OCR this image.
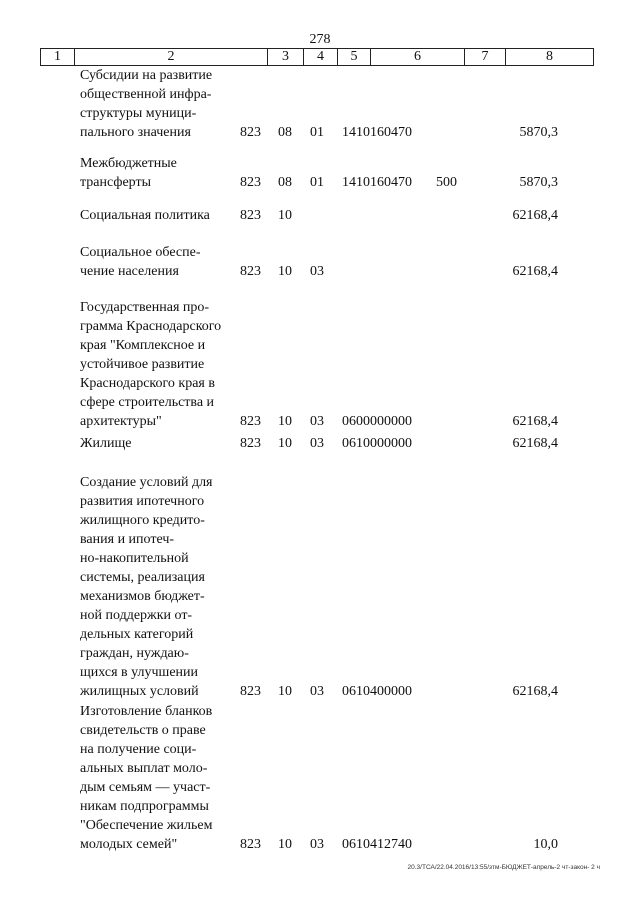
278
1	2	3	4	5	6	7	8
Субсидии на развитие
общественной инфра-
структуры муници-
пального значения	823 08 01 1410160470	5870,3
Межбюджетные
трансферты	823 08 01 1410160470 500	5870,3
Социальная политика	823 10	62168,4
Социальное обеспе-
чение населения	823 10 03	62168,4
Государственная про-
грамма Краснодарского
края "Комплексное и
устойчивое развитие
Краснодарского края в
сфере строительства и
архитектуры"	823 10 03 0600000000	62168,4
Жилище	823 10 03 0610000000	62168,4
Создание условий для
развития ипотечного
жилищного кредито-
вания и ипотеч-
но-накопительной
системы, реализация
механизмов бюджет-
ной поддержки от-
дельных категорий
граждан, нуждаю-
щихся в улучшении
жилищных условий	823 10 03 0610400000	62168,4
Изготовление бланков
свидетельств о праве
на получение соци-
альных выплат моло-
дым семьям — участ-
никам подпрограммы
"Обеспечение жильем
молодых семей"	823 10 03 0610412740	10,0
20.3/ТСА/22.04.2016/13:55/зтм-БЮДЖЕТ-апрель-2 чт-закон- 2 ч
